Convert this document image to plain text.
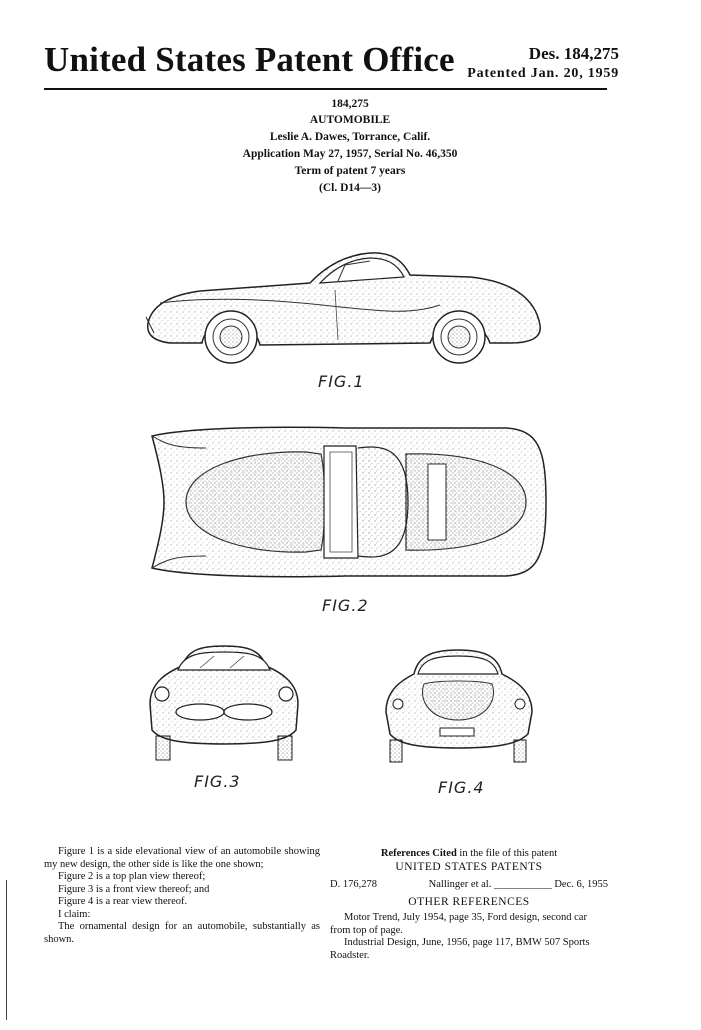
United States Patent Office	Des. 184,275
Patented Jan. 20, 1959
184,275
AUTOMOBILE
Leslie A. Dawes, Torrance, Calif.
Application May 27, 1957, Serial No. 46,350
Term of patent 7 years
(Cl. D14—3)
FIG.1
FIG.2
FIG.3	FIG.4

Figure 1 is a side elevational view of an automobile showing my new design, the other side is like the one shown;

Figure 2 is a top plan view thereof;

Figure 3 is a front view thereof; and

Figure 4 is a rear view thereof.

I claim:

The ornamental design for an automobile, substantially as shown.

References Cited in the file of this patent

UNITED STATES PATENTS

D. 176,278	Nallinger et al. ___________ Dec. 6, 1955

OTHER REFERENCES

Motor Trend, July 1954, page 35, Ford design, second car from top of page.

Industrial Design, June, 1956, page 117, BMW 507 Sports Roadster.
